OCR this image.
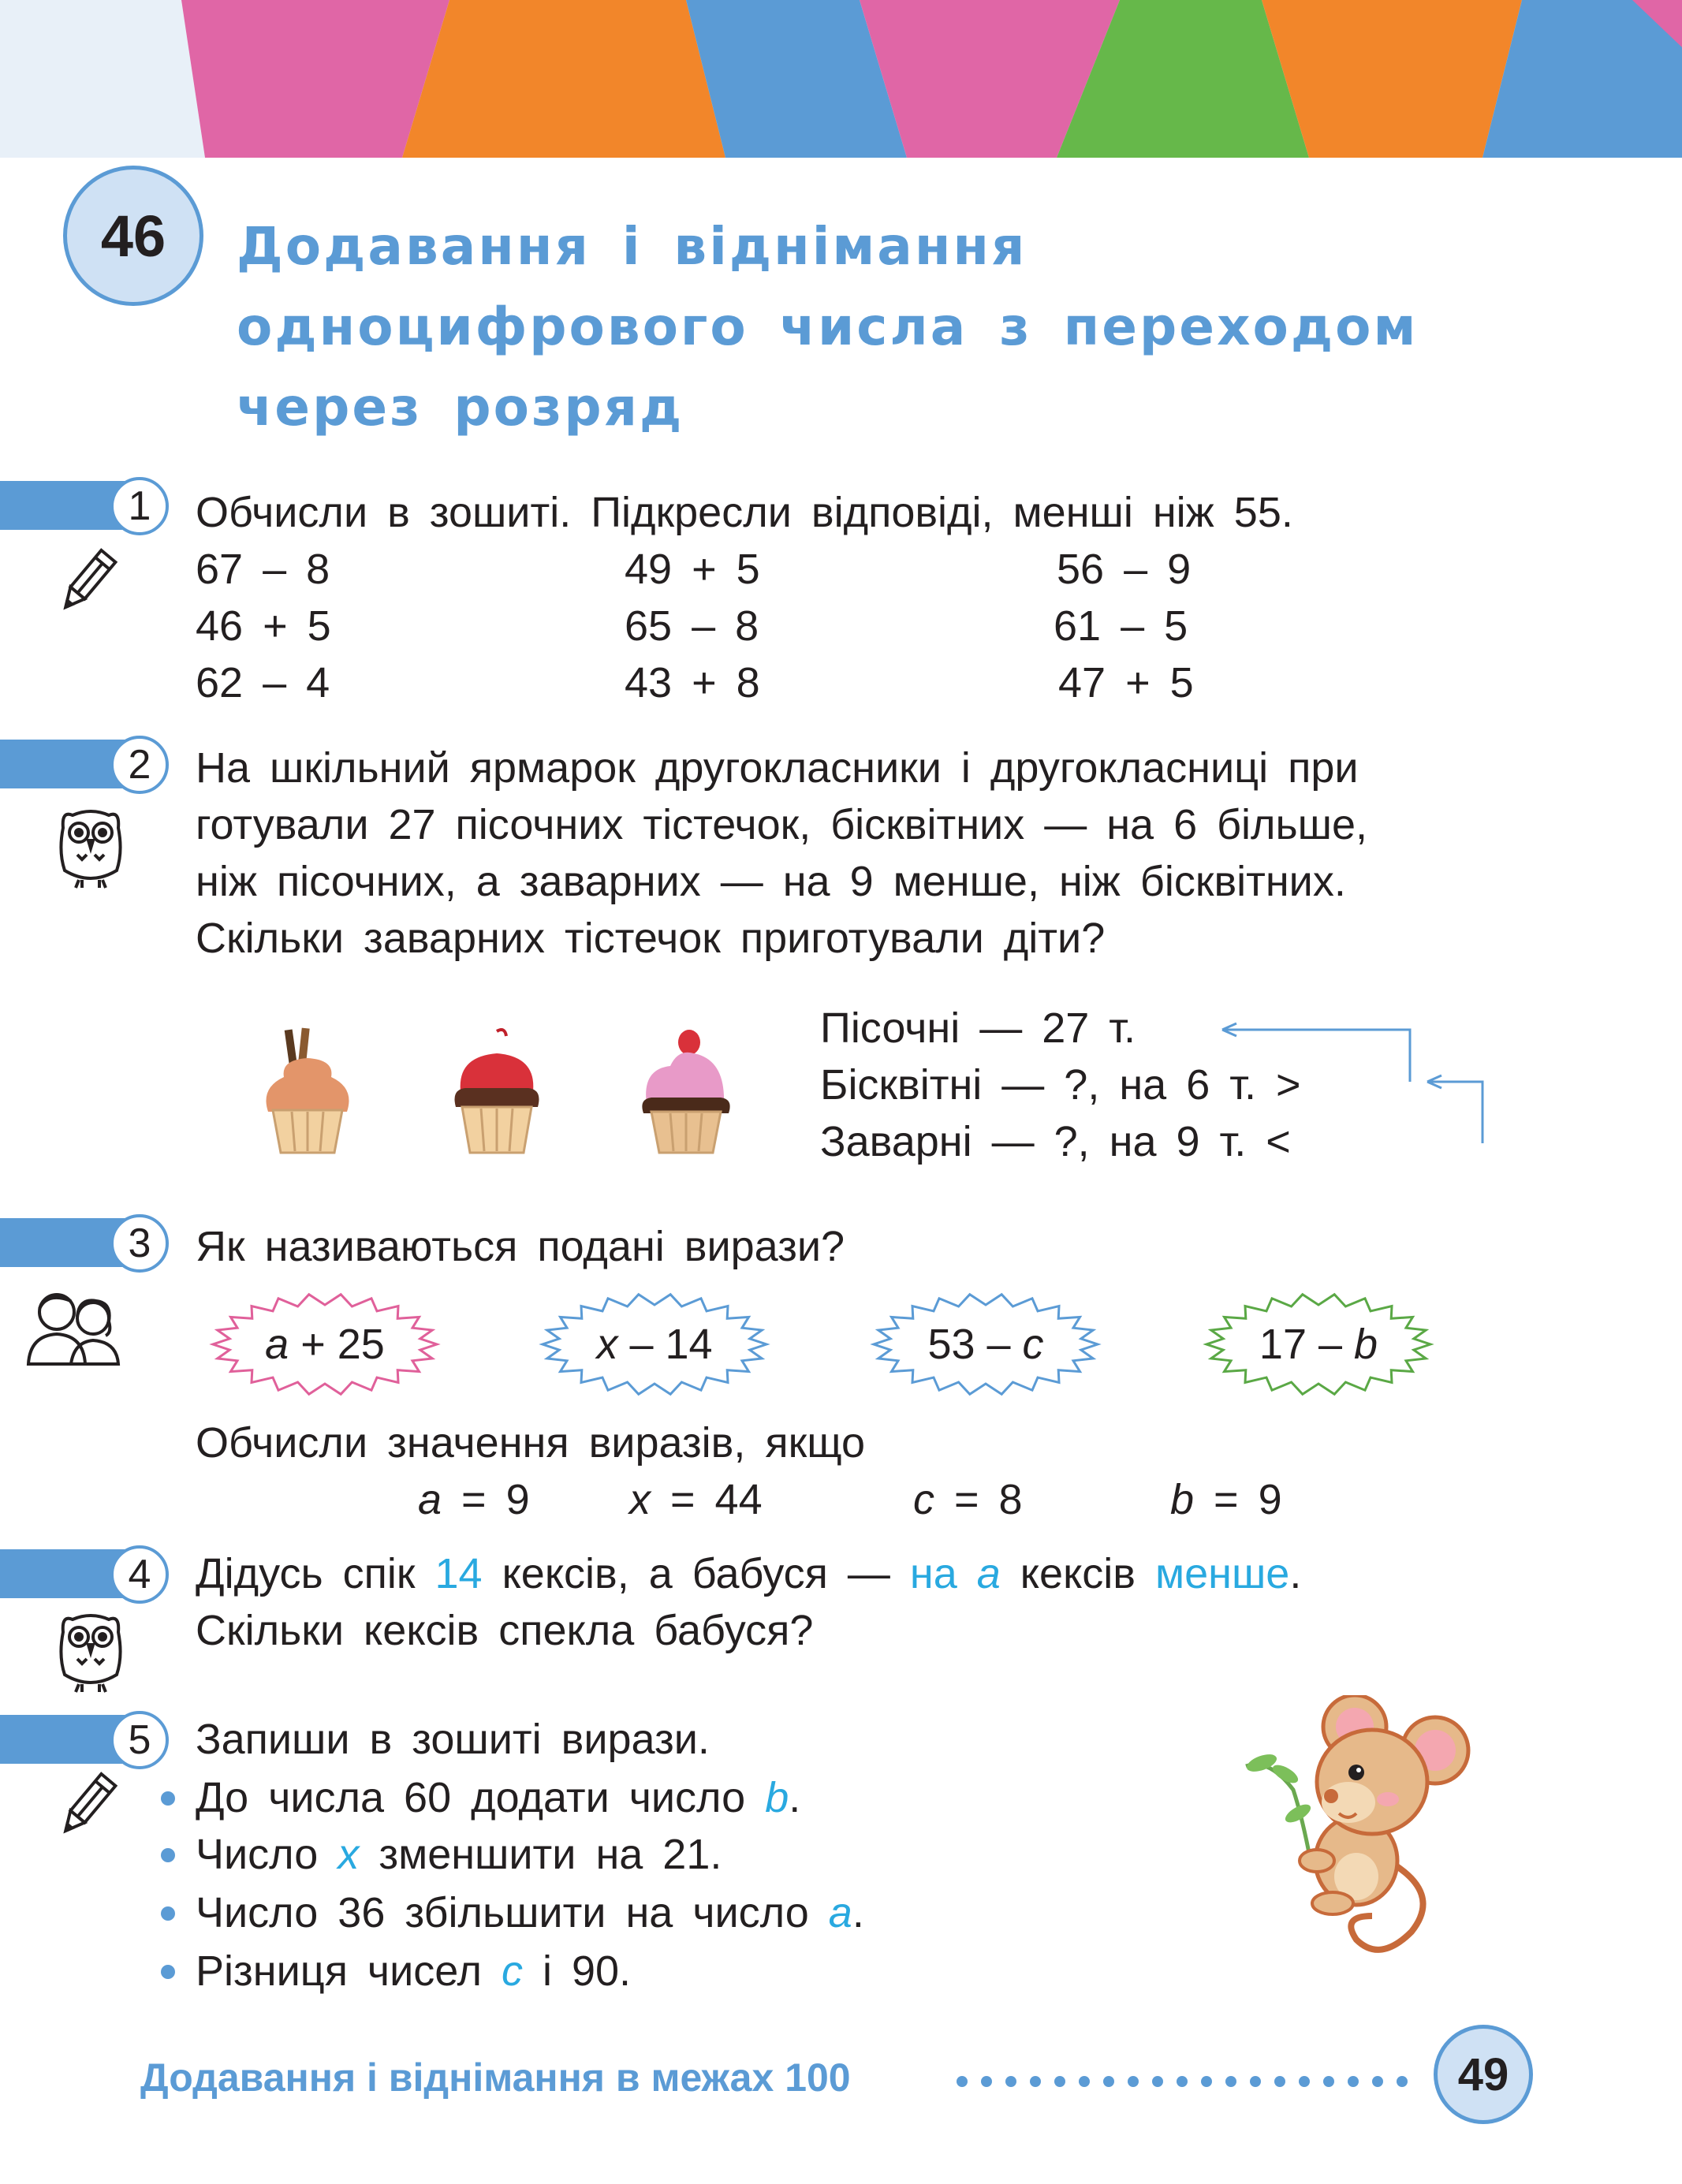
46	Додавання і віднімання
одноцифрового числа з переходом
через розряд
1	Обчисли в зошиті. Підкресли відповіді, менші ніж 55.
67 – 8	49 + 5	56 – 9
46 + 5	65 – 8	61 – 5
62 – 4	43 + 8	47 + 5
2	На шкільний ярмарок другокласники і другокласниці при
готували 27 пісочних тістечок, бісквітних — на 6 більше,
ніж пісочних, а заварних — на 9 менше, ніж бісквітних.
Скільки заварних тістечок приготували діти?
Пісочні — 27 т.
Бісквітні — ?, на 6 т. >
Заварні — ?, на 9 т. <
3	Як називаються подані вирази?
a + 25	x – 14	53 – c	17 – b
Обчисли значення виразів, якщо
a = 9 x = 44	c = 8	b = 9
4	Дідусь спік 14 кексів, а бабуся — на a кексів менше.
Скільки кексів спекла бабуся?
5	Запиши в зошиті вирази.
До числа 60 додати число b.
Число x зменшити на 21.
Число 36 збільшити на число a.
Різниця чисел c і 90.
Додавання і віднімання в межах 100	49
